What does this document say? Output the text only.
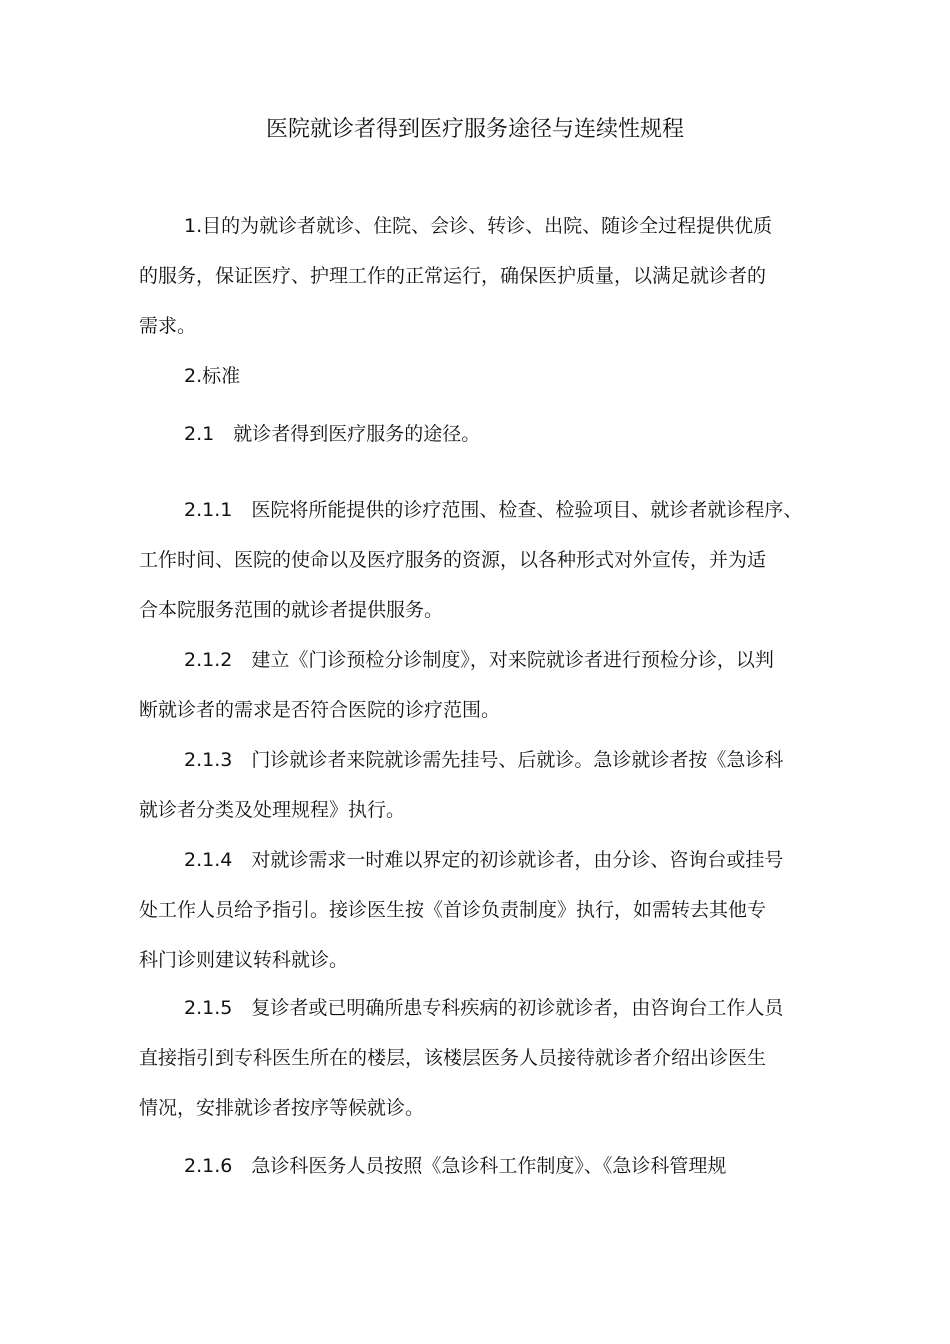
医院就诊者得到医疗服务途径与连续性规程
1.目的为就诊者就诊、住院、会诊、转诊、出院、随诊全过程提供优质
的服务，保证医疗、护理工作的正常运行，确保医护质量，以满足就诊者的
需求。
2.标准
2.1　就诊者得到医疗服务的途径。
2.1.1　医院将所能提供的诊疗范围、检查、检验项目、就诊者就诊程序、
工作时间、医院的使命以及医疗服务的资源，以各种形式对外宣传，并为适
合本院服务范围的就诊者提供服务。
2.1.2　建立《门诊预检分诊制度》，对来院就诊者进行预检分诊，以判
断就诊者的需求是否符合医院的诊疗范围。
2.1.3　门诊就诊者来院就诊需先挂号、后就诊。急诊就诊者按《急诊科
就诊者分类及处理规程》执行。
2.1.4　对就诊需求一时难以界定的初诊就诊者，由分诊、咨询台或挂号
处工作人员给予指引。接诊医生按《首诊负责制度》执行，如需转去其他专
科门诊则建议转科就诊。
2.1.5　复诊者或已明确所患专科疾病的初诊就诊者，由咨询台工作人员
直接指引到专科医生所在的楼层，该楼层医务人员接待就诊者介绍出诊医生
情况，安排就诊者按序等候就诊。
2.1.6　急诊科医务人员按照《急诊科工作制度》、《急诊科管理规
